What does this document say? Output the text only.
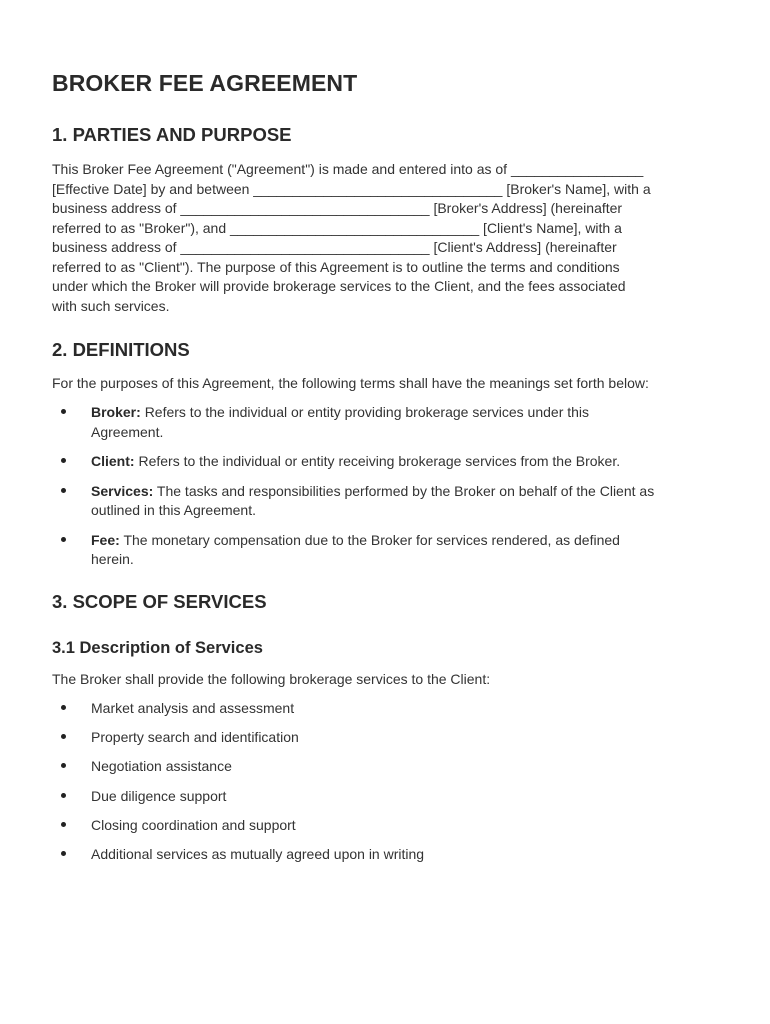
BROKER FEE AGREEMENT
1. PARTIES AND PURPOSE

This Broker Fee Agreement ("Agreement") is made and entered into as of _________________
[Effective Date] by and between ________________________________ [Broker's Name], with a
business address of ________________________________ [Broker's Address] (hereinafter
referred to as "Broker"), and ________________________________ [Client's Name], with a
business address of ________________________________ [Client's Address] (hereinafter
referred to as "Client"). The purpose of this Agreement is to outline the terms and conditions
under which the Broker will provide brokerage services to the Client, and the fees associated
with such services.

2. DEFINITIONS

For the purposes of this Agreement, the following terms shall have the meanings set forth below:

Broker: Refers to the individual or entity providing brokerage services under this
Agreement.
Client: Refers to the individual or entity receiving brokerage services from the Broker.
Services: The tasks and responsibilities performed by the Broker on behalf of the Client as
outlined in this Agreement.
Fee: The monetary compensation due to the Broker for services rendered, as defined
herein.
3. SCOPE OF SERVICES
3.1 Description of Services

The Broker shall provide the following brokerage services to the Client:

Market analysis and assessment
Property search and identification
Negotiation assistance
Due diligence support
Closing coordination and support
Additional services as mutually agreed upon in writing
